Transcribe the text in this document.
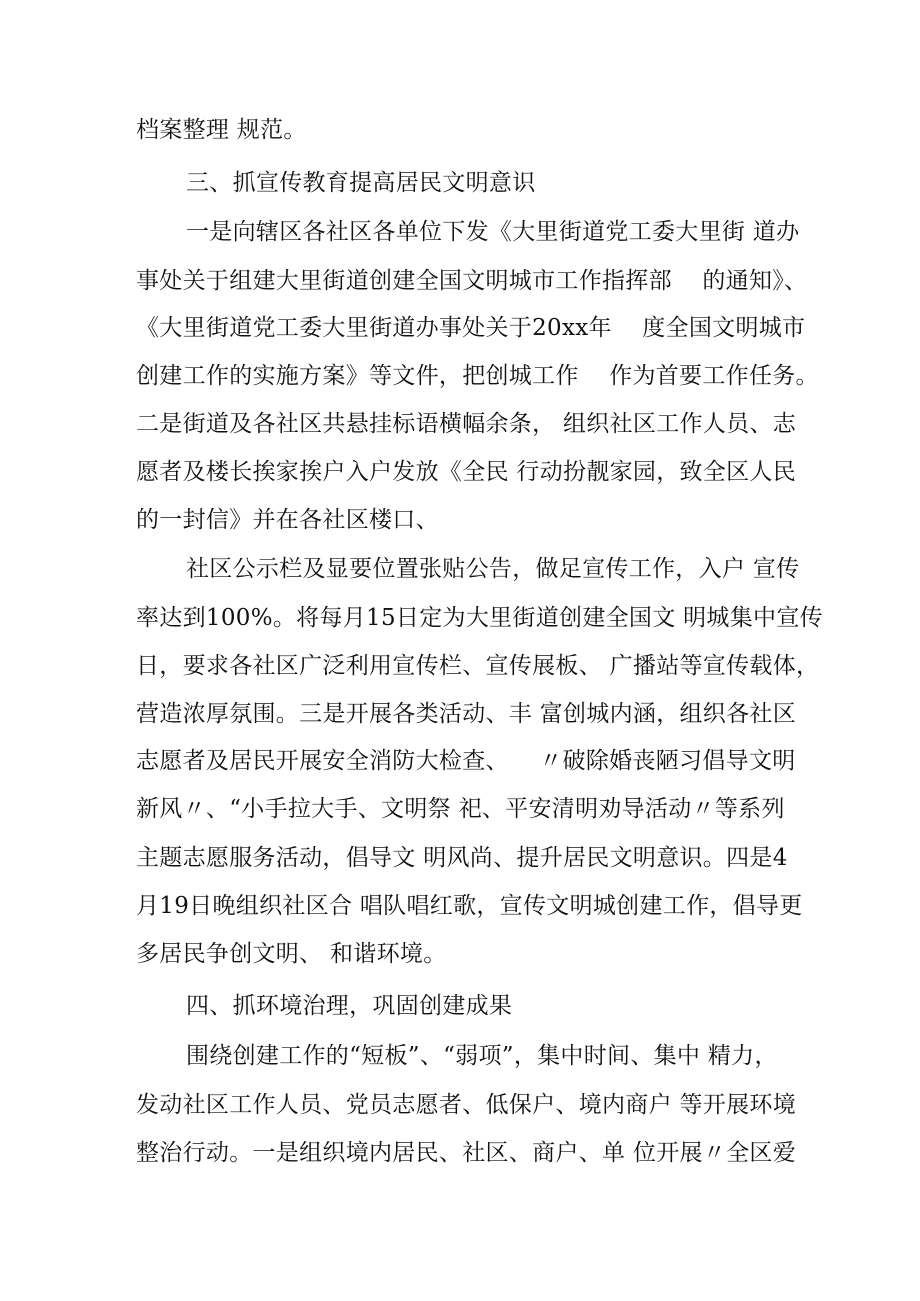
档案整理 规范。
三、抓宣传教育提高居民文明意识
一是向辖区各社区各单位下发《大里街道党工委大里街 道办
事处关于组建大里街道创建全国文明城市工作指挥部    的通知》、
《大里街道党工委大里街道办事处关于20xx年    度全国文明城市
创建工作的实施方案》等文件，把创城工作    作为首要工作任务。
二是街道及各社区共悬挂标语横幅余条， 组织社区工作人员、志
愿者及楼长挨家挨户入户发放《全民 行动扮靓家园，致全区人民
的一封信》并在各社区楼口、
社区公示栏及显要位置张贴公告，做足宣传工作，入户 宣传
率达到100%。将每月15日定为大里街道创建全国文 明城集中宣传
日，要求各社区广泛利用宣传栏、宣传展板、 广播站等宣传载体，
营造浓厚氛围。三是开展各类活动、丰 富创城内涵，组织各社区
志愿者及居民开展安全消防大检查、    〃破除婚丧陋习倡导文明
新风〃、“小手拉大手、文明祭 祀、平安清明劝导活动〃等系列
主题志愿服务活动，倡导文 明风尚、提升居民文明意识。四是4
月19日晚组织社区合 唱队唱红歌，宣传文明城创建工作，倡导更
多居民争创文明、 和谐环境。
四、抓环境治理，巩固创建成果
围绕创建工作的“短板”、“弱项”，集中时间、集中 精力，
发动社区工作人员、党员志愿者、低保户、境内商户 等开展环境
整治行动。一是组织境内居民、社区、商户、单 位开展〃全区爱
